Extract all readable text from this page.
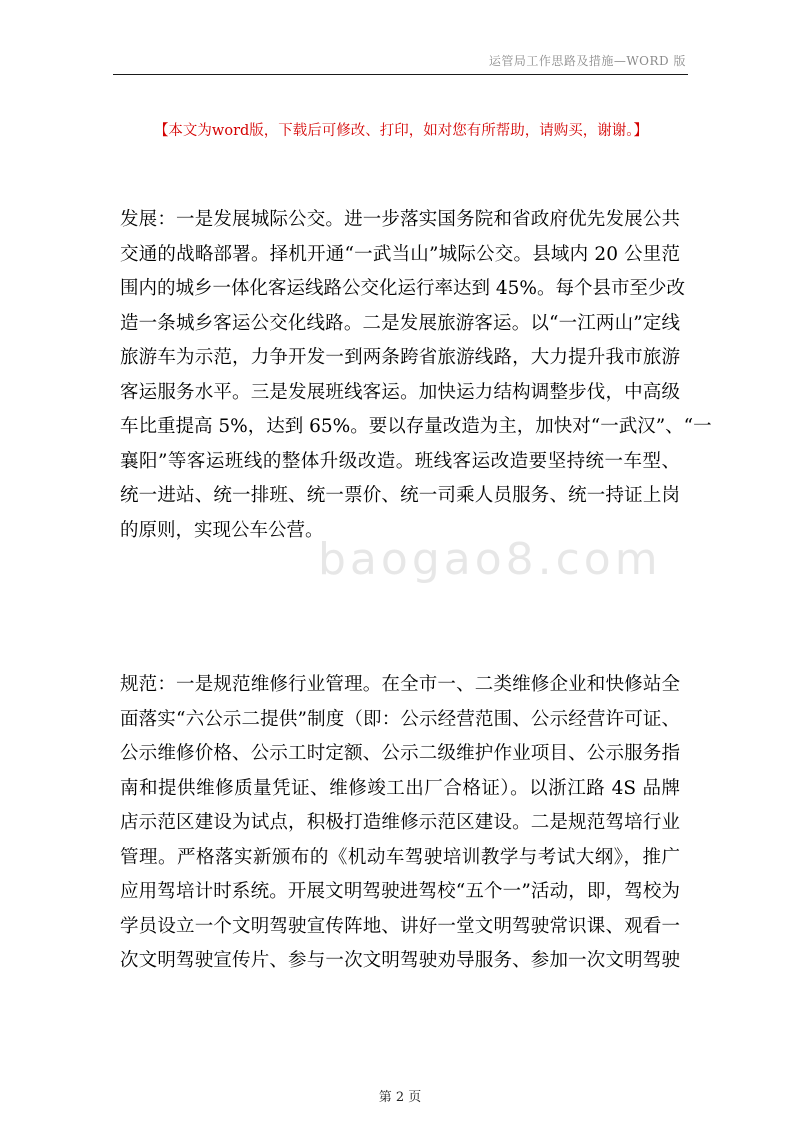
运管局工作思路及措施—WORD 版
【本文为word版，下载后可修改、打印，如对您有所帮助，请购买，谢谢。】
baogao8.com
发展：一是发展城际公交。进一步落实国务院和省政府优先发展公共
交通的战略部署。择机开通“一武当山”城际公交。县域内 20 公里范
围内的城乡一体化客运线路公交化运行率达到 45%。每个县市至少改
造一条城乡客运公交化线路。二是发展旅游客运。以“一江两山”定线
旅游车为示范，力争开发一到两条跨省旅游线路，大力提升我市旅游
客运服务水平。三是发展班线客运。加快运力结构调整步伐，中高级
车比重提高 5%，达到 65%。要以存量改造为主，加快对“一武汉”、“一
襄阳”等客运班线的整体升级改造。班线客运改造要坚持统一车型、
统一进站、统一排班、统一票价、统一司乘人员服务、统一持证上岗
的原则，实现公车公营。
规范：一是规范维修行业管理。在全市一、二类维修企业和快修站全
面落实“六公示二提供”制度（即：公示经营范围、公示经营许可证、
公示维修价格、公示工时定额、公示二级维护作业项目、公示服务指
南和提供维修质量凭证、维修竣工出厂合格证）。以浙江路 4S 品牌
店示范区建设为试点，积极打造维修示范区建设。二是规范驾培行业
管理。严格落实新颁布的《机动车驾驶培训教学与考试大纲》，推广
应用驾培计时系统。开展文明驾驶进驾校“五个一”活动，即，驾校为
学员设立一个文明驾驶宣传阵地、讲好一堂文明驾驶常识课、观看一
次文明驾驶宣传片、参与一次文明驾驶劝导服务、参加一次文明驾驶
第 2 页
